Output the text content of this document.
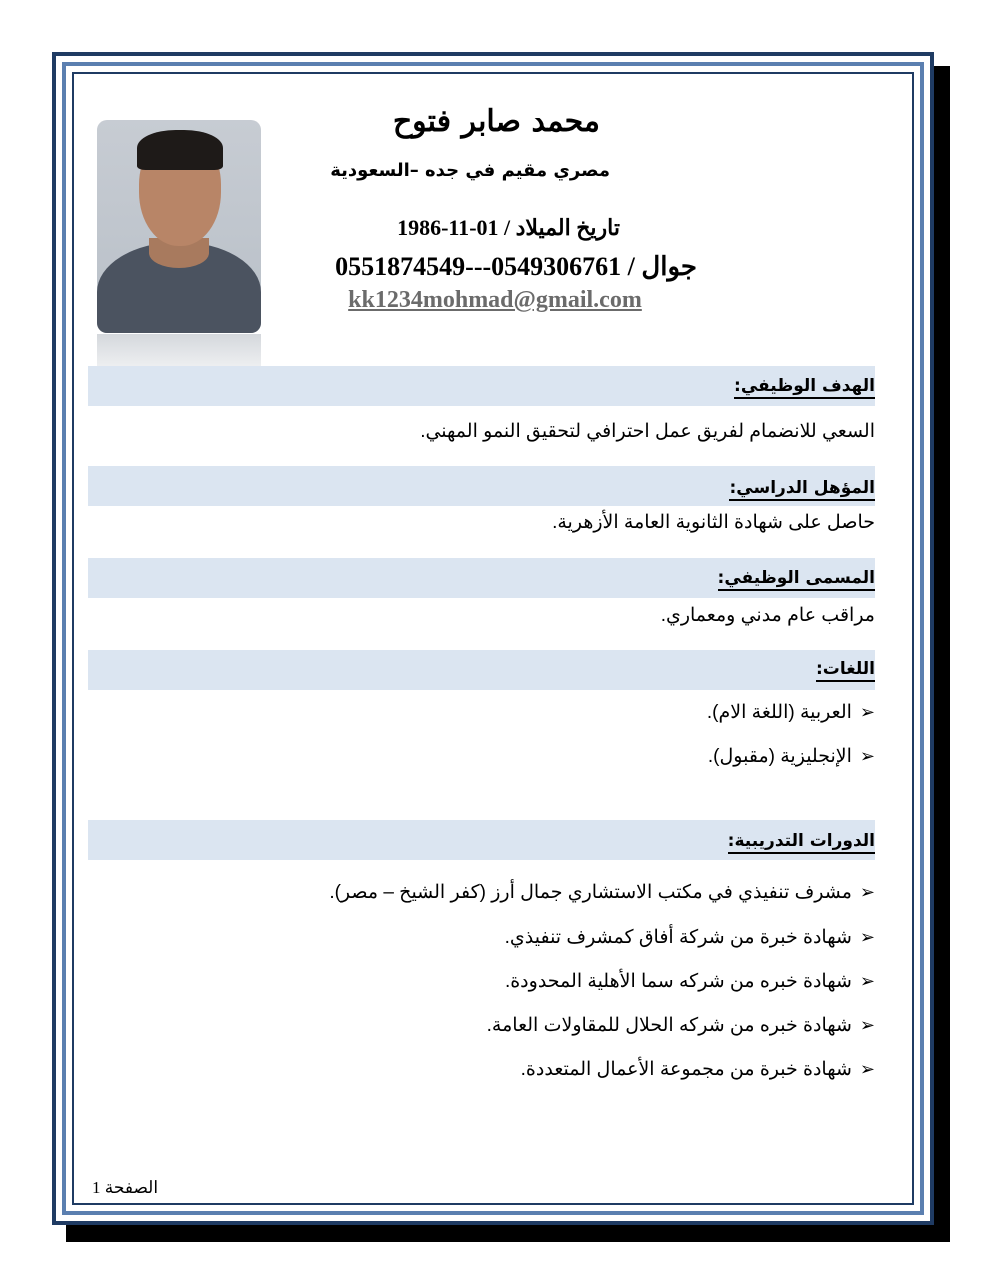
محمد صابر فتوح
مصري مقيم في جده –السعودية
تاريخ الميلاد / 01-11-1986
جوال / 0549306761---0551874549
kk1234mohmad@gmail.com
الهدف الوظيفي:
السعي للانضمام لفريق عمل احترافي لتحقيق النمو المهني.
المؤهل الدراسي:
حاصل على شهادة الثانوية العامة الأزهرية.
المسمى الوظيفي:
مراقب عام مدني ومعماري.
اللغات:
➢العربية (اللغة الام).
➢الإنجليزية (مقبول).
الدورات التدريبية:
➢مشرف تنفيذي في مكتب الاستشاري جمال أرز (كفر الشيخ – مصر).
➢شهادة خبرة من شركة أفاق كمشرف تنفيذي.
➢شهادة خبره من شركه سما الأهلية المحدودة.
➢شهادة خبره من شركه الحلال للمقاولات العامة.
➢شهادة خبرة من مجموعة الأعمال المتعددة.
الصفحة 1
